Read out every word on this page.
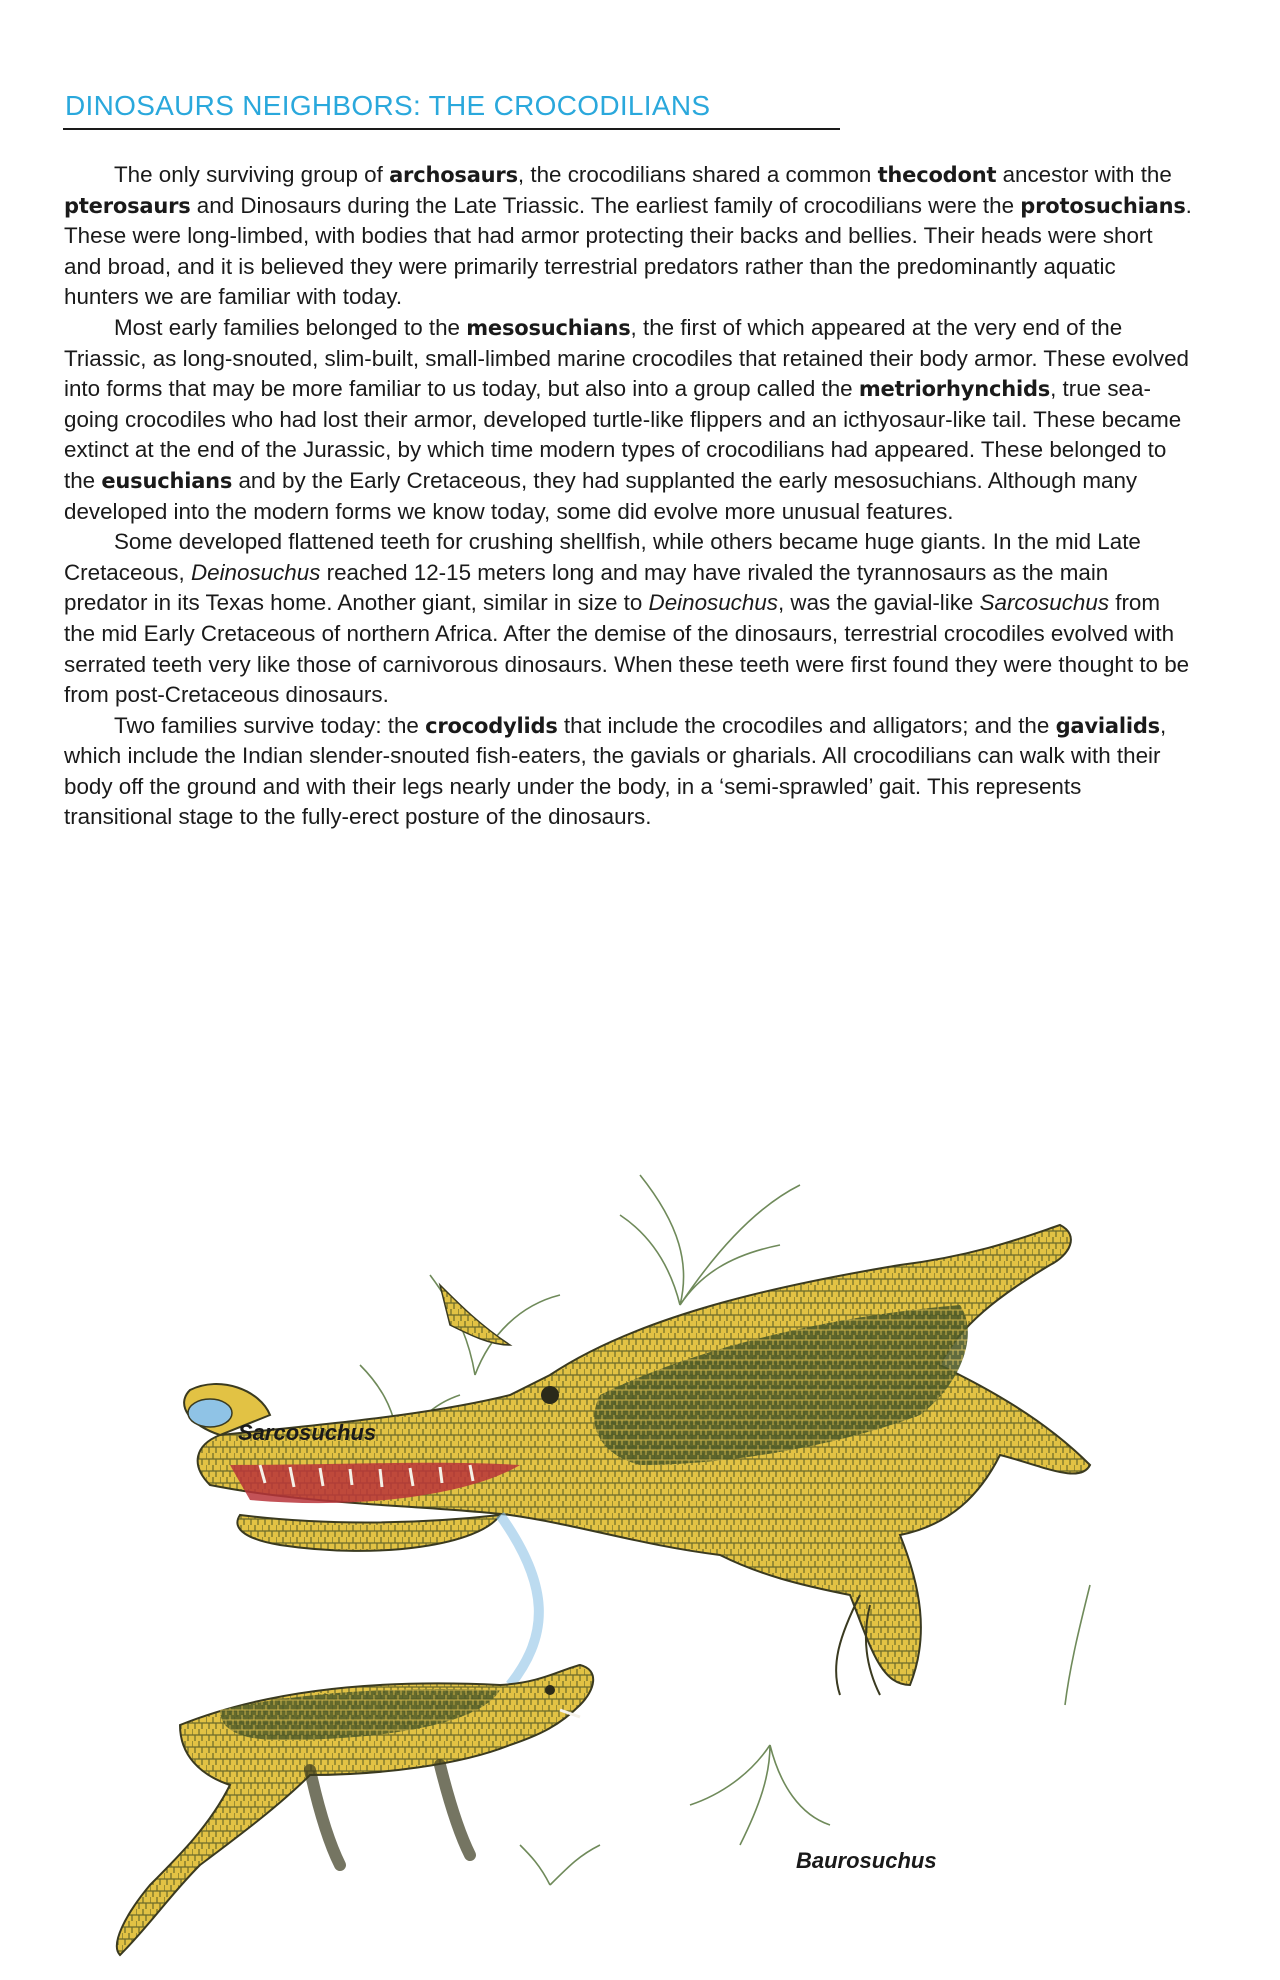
DINOSAURS NEIGHBORS: THE CROCODILIANS

The only surviving group of archosaurs, the crocodilians shared a common thecodont ancestor with the pterosaurs and Dinosaurs during the Late Triassic. The earliest family of crocodilians were the protosuchians. These were long-limbed, with bodies that had armor protecting their backs and bellies. Their heads were short and broad, and it is believed they were primarily terrestrial predators rather than the predominantly aquatic hunters we are familiar with today.

Most early families belonged to the mesosuchians, the first of which appeared at the very end of the Triassic, as long-snouted, slim-built, small-limbed marine crocodiles that retained their body armor. These evolved into forms that may be more familiar to us today, but also into a group called the metriorhynchids, true sea-going crocodiles who had lost their armor, developed turtle-like flippers and an icthyosaur-like tail. These became extinct at the end of the Jurassic, by which time modern types of crocodilians had appeared. These belonged to the eusuchians and by the Early Cretaceous, they had supplanted the early mesosuchians. Although many developed into the modern forms we know today, some did evolve more unusual features.

Some developed flattened teeth for crushing shellfish, while others became huge giants. In the mid Late Cretaceous, Deinosuchus reached 12-15 meters long and may have rivaled the tyrannosaurs as the main predator in its Texas home. Another giant, similar in size to Deinosuchus, was the gavial-like Sarcosuchus from the mid Early Cretaceous of northern Africa. After the demise of the dinosaurs, terrestrial crocodiles evolved with serrated teeth very like those of carnivorous dinosaurs. When these teeth were first found they were thought to be from post-Cretaceous dinosaurs.

Two families survive today: the crocodylids that include the crocodiles and alligators; and the gavialids, which include the Indian slender-snouted fish-eaters, the gavials or gharials. All crocodilians can walk with their body off the ground and with their legs nearly under the body, in a ‘semi-sprawled’ gait. This represents transitional stage to the fully-erect posture of the dinosaurs.

Sarcosuchus
Baurosuchus
